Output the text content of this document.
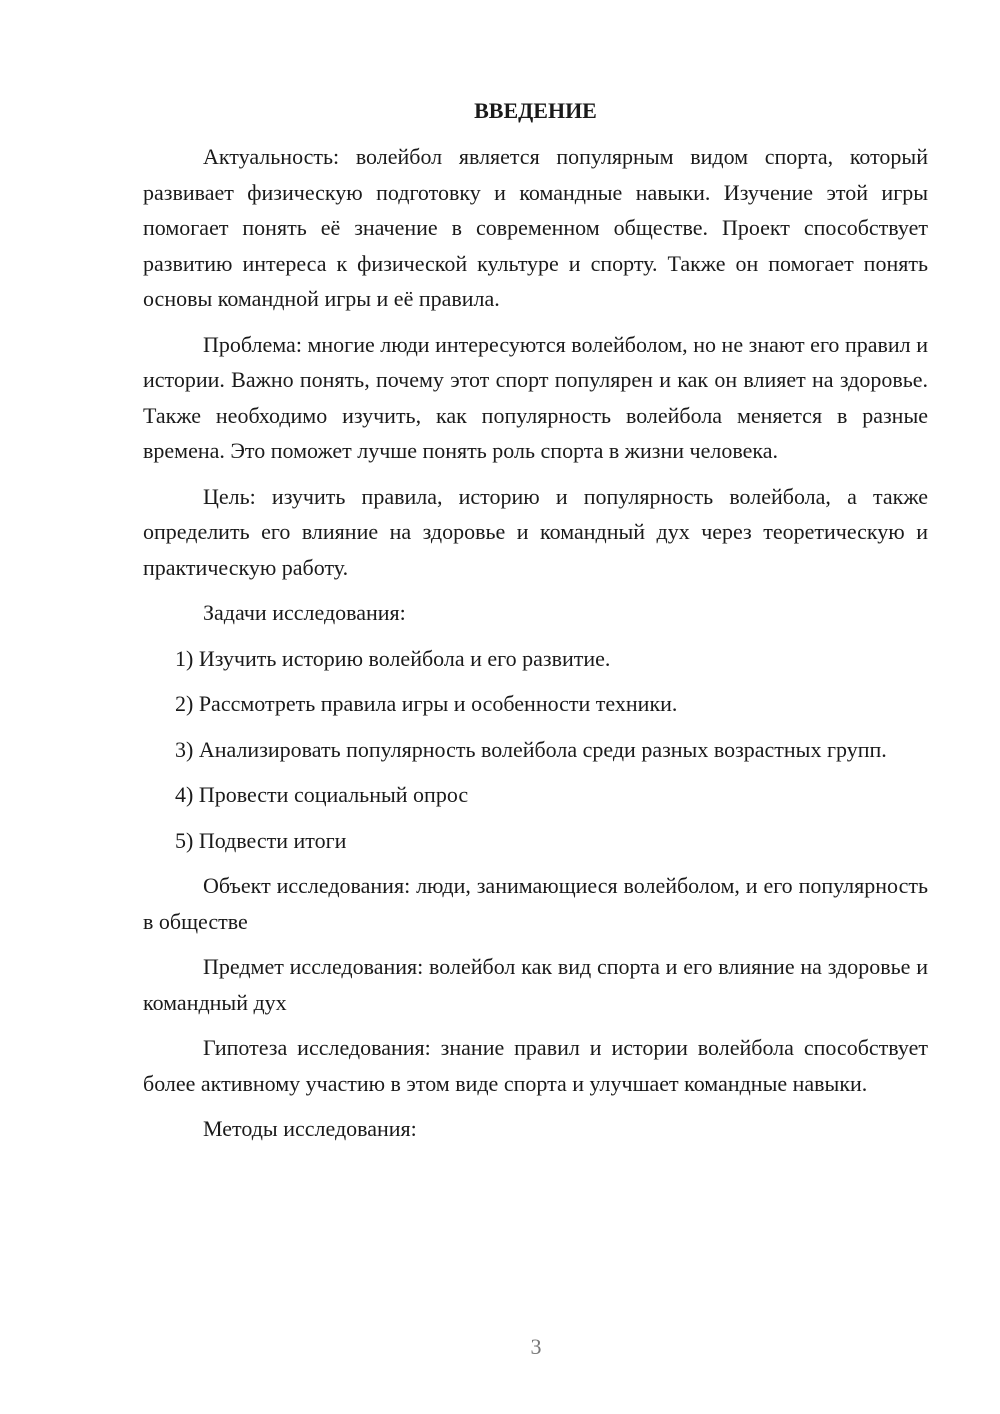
ВВЕДЕНИЕ

Актуальность: волейбол является популярным видом спорта, который развивает физическую подготовку и командные навыки. Изучение этой игры помогает понять её значение в современном обществе. Проект способствует развитию интереса к физической культуре и спорту. Также он помогает понять основы командной игры и её правила.

Проблема: многие люди интересуются волейболом, но не знают его правил и истории. Важно понять, почему этот спорт популярен и как он влияет на здоровье. Также необходимо изучить, как популярность волейбола меняется в разные времена. Это поможет лучше понять роль спорта в жизни человека.

Цель: изучить правила, историю и популярность волейбола, а также определить его влияние на здоровье и командный дух через теоретическую и практическую работу.

Задачи исследования:

1) Изучить историю волейбола и его развитие.

2) Рассмотреть правила игры и особенности техники.

3) Анализировать популярность волейбола среди разных возрастных групп.

4) Провести социальный опрос

5) Подвести итоги

Объект исследования: люди, занимающиеся волейболом, и его популярность в обществе

Предмет исследования: волейбол как вид спорта и его влияние на здоровье и командный дух

Гипотеза исследования: знание правил и истории волейбола способствует более активному участию в этом виде спорта и улучшает командные навыки.

Методы исследования:

3
